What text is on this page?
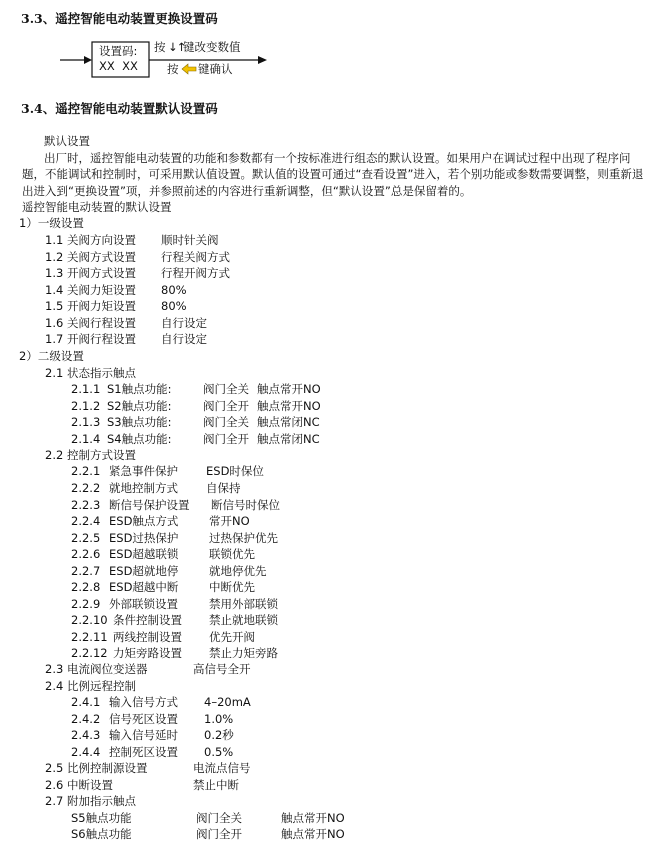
3.3、遥控智能电动装置更换设置码
设置码:
XX  XX
按 ↓↑
键改变数值
按 键确认
3.4、遥控智能电动装置默认设置码

默认设置

出厂时，遥控智能电动装置的功能和参数都有一个按标准进行组态的默认设置。如果用户在调试过程中出现了程序问题，不能调试和控制时，可采用默认值设置。默认值的设置可通过“查看设置”进入，若个别功能或参数需要调整，则重新退出进入到“更换设置”项，并参照前述的内容进行重新调整，但“默认设置”总是保留着的。

遥控智能电动装置的默认设置

1）一级设置
1.1 关阀方向设置 顺时针关阀
1.2 关阀方式设置 行程关阀方式
1.3 开阀方式设置 行程开阀方式
1.4 关阀力矩设置 80%
1.5 开阀力矩设置 80%
1.6 关阀行程设置 自行设定
1.7 开阀行程设置 自行设定
2）二级设置
2.1 状态指示触点
2.1.1 S1触点功能:	阀门全关 触点常开NO
2.1.2 S2触点功能:	阀门全开 触点常开NO
2.1.3 S3触点功能:	阀门全关 触点常闭NC
2.1.4 S4触点功能:	阀门全开 触点常闭NC
2.2 控制方式设置
2.2.1 紧急事件保护 ESD时保位
2.2.2 就地控制方式 自保持
2.2.3 断信号保护设置 断信号时保位
2.2.4 ESD触点方式	常开NO
2.2.5 ESD过热保护	过热保护优先
2.2.6 ESD超越联锁	联锁优先
2.2.7 ESD超就地停	就地停优先
2.2.8 ESD超越中断	中断优先
2.2.9 外部联锁设置	禁用外部联锁
2.2.10 条件控制设置 禁止就地联锁
2.2.11 两线控制设置 优先开阀
2.2.12 力矩旁路设置 禁止力矩旁路
2.3 电流阀位变送器	高信号全开
2.4 比例远程控制
2.4.1 输入信号方式 4–20mA
2.4.2 信号死区设置 1.0%
2.4.3 输入信号延时 0.2秒
2.4.4 控制死区设置 0.5%
2.5 比例控制源设置	电流点信号
2.6 中断设置	禁止中断
2.7 附加指示触点
S5触点功能	阀门全关	触点常开NO
S6触点功能	阀门全开	触点常开NO
